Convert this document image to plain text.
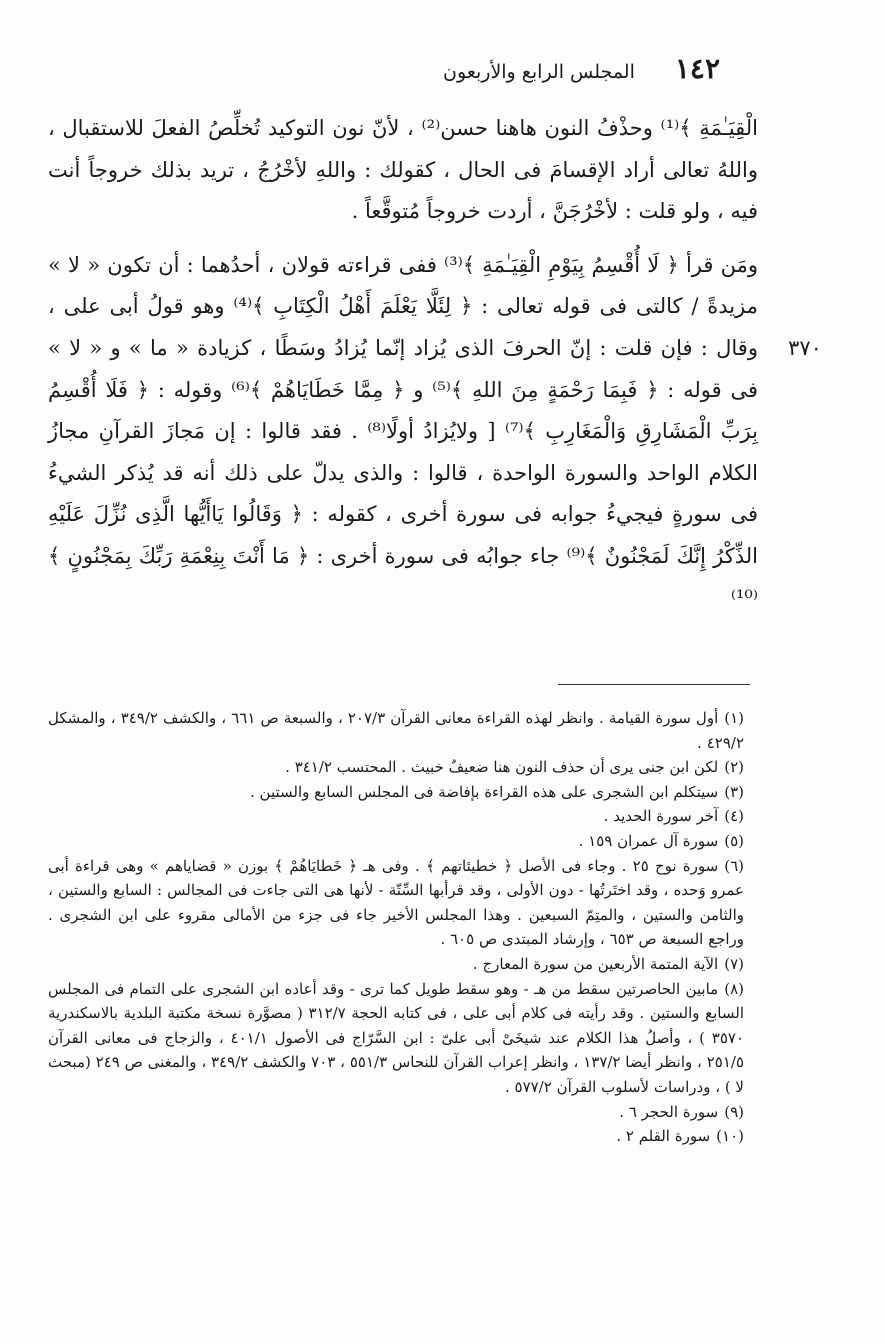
١٤٢
المجلس الرابع والأربعون
٣٧٠

الْقِيَـٰمَةِ ﴾⁽¹⁾ وحذْفُ النون هاهنا حسن⁽²⁾ ، لأنّ نون التوكيد تُخلِّصُ الفعلَ للاستقبال ، واللهُ تعالى أراد الإقسامَ فى الحال ، كقولك : واللهِ لأخْرُجُ ، تريد بذلك خروجاً أنت فيه ، ولو قلت : لأخْرُجَنَّ ، أردت خروجاً مُتوقَّعاً .

ومَن قرأ ﴿ لَا أُقْسِمُ بِيَوْمِ الْقِيَـٰمَةِ ﴾⁽³⁾ ففى قراءته قولان ، أحدُهما : أن تكون « لا » مزيدةً / كالتى فى قوله تعالى : ﴿ لِئَلَّا يَعْلَمَ أَهْلُ الْكِتَابِ ﴾⁽⁴⁾ وهو قولُ أبى على ، وقال : فإن قلت : إنّ الحرفَ الذى يُزاد إنّما يُزادُ وسَطًا ، كزيادة « ما » و « لا » فى قوله : ﴿ فَبِمَا رَحْمَةٍ مِنَ اللهِ ﴾⁽⁵⁾ و ﴿ مِمَّا خَطَايَاهُمْ ﴾⁽⁶⁾ وقوله : ﴿ فَلَا أُقْسِمُ بِرَبِّ الْمَشَارِقِ وَالْمَغَارِبِ ﴾⁽⁷⁾ [ ولايُزادُ أولًا⁽⁸⁾ . فقد قالوا : إن مَجازَ القرآنِ مجازُ الكلام الواحد والسورة الواحدة ، قالوا : والذى يدلّ على ذلك أنه قد يُذكر الشيءُ فى سورةٍ فيجيءُ جوابه فى سورة أخرى ، كقوله : ﴿ وَقَالُوا يَاأَيُّها الَّذِى نُزِّلَ عَلَيْهِ الذِّكْرُ إِنَّكَ لَمَجْنُونٌ ﴾⁽⁹⁾ جاء جوابُه فى سورة أخرى : ﴿ مَا أَنْتَ بِنِعْمَةِ رَبِّكَ بِمَجْنُونٍ ﴾⁽¹⁰⁾

(١)أول سورة القيامة . وانظر لهذه القراءة معانى القرآن ٢٠٧/٣ ، والسبعة ص ٦٦١ ، والكشف ٣٤٩/٢ ، والمشكل ٤٢٩/٢ .

(٢)لكن ابن جنى يرى أن حذف النون هنا ضعيفٌ خبيث . المحتسب ٣٤١/٢ .

(٣)سيتكلم ابن الشجرى على هذه القراءة بإفاضة فى المجلس السابع والستين .

(٤)آخر سورة الحديد .

(٥)سورة آل عمران ١٥٩ .

(٦)سورة نوح ٢٥ . وجاء فى الأصل ﴿ خطيئاتهم ﴾ . وفى هـ ﴿ خَطايَاهُمْ ﴾ بوزن « قضاياهم » وهى قراءة أبى عمرو وَحده ، وقد اختَرتُها - دون الأولى ، وقد قرأبها السِّتّة - لأنها هى التى جاءت فى المجالس : السابع والستين ، والثامن والستين ، والمتِمّ السبعين . وهذا المجلس الأخير جاء فى جزء من الأمالى مقروء على ابن الشجرى . وراجع السبعة ص ٦٥٣ ، وإرشاد المبتدى ص ٦٠٥ .

(٧)الآية المتمة الأربعين من سورة المعارج .

(٨)مابين الحاصرتين سقط من هـ - وهو سقط طويل كما ترى - وقد أعاده ابن الشجرى على التمام فى المجلس السابع والستين . وقد رأيته فى كلام أبى على ، فى كتابه الحجة ٣١٢/٧ ( مصوَّرة نسخة مكتبة البلدية بالاسكندرية ٣٥٧٠ ) ، وأصلُ هذا الكلام عند شيخَىْ أبى علىّ : ابن السَّرّاج فى الأصول ٤٠١/١ ، والزجاج فى معانى القرآن ٢٥١/٥ ، وانظر أيضا ١٣٧/٢ ، وانظر إعراب القرآن للنحاس ٥٥١/٣ ، ٧٠٣ والكشف ٣٤٩/٢ ، والمغنى ص ٢٤٩ (مبحث لا ) ، ودراسات لأسلوب القرآن ٥٧٧/٢ .

(٩)سورة الحجر ٦ .

(١٠)سورة القلم ٢ .
